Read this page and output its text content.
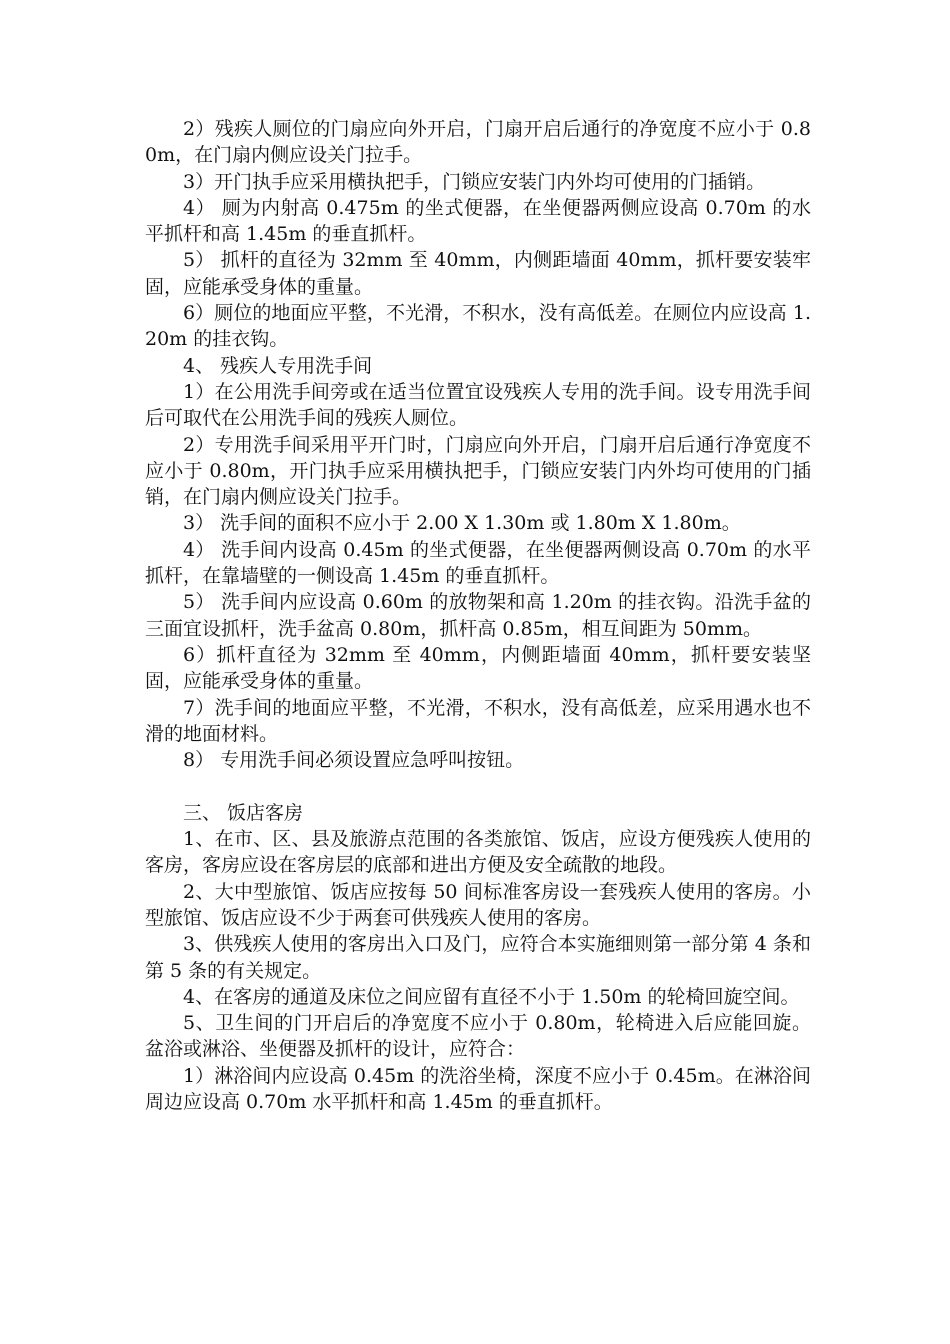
2）残疾人厕位的门扇应向外开启，门扇开启后通行的净宽度不应小于 0.80m，在门扇内侧应设关门拉手。

3）开门执手应采用横执把手，门锁应安装门内外均可使用的门插销。

4） 厕为内射高 0.475m 的坐式便器，在坐便器两侧应设高 0.70m 的水平抓杆和高 1.45m 的垂直抓杆。

5） 抓杆的直径为 32mm 至 40mm，内侧距墙面 40mm，抓杆要安装牢固，应能承受身体的重量。

6）厕位的地面应平整，不光滑，不积水，没有高低差。在厕位内应设高 1.20m 的挂衣钩。

4、 残疾人专用洗手间

1）在公用洗手间旁或在适当位置宜设残疾人专用的洗手间。设专用洗手间后可取代在公用洗手间的残疾人厕位。

2）专用洗手间采用平开门时，门扇应向外开启，门扇开启后通行净宽度不应小于 0.80m，开门执手应采用横执把手，门锁应安装门内外均可使用的门插销，在门扇内侧应设关门拉手。

3） 洗手间的面积不应小于 2.00 X 1.30m 或 1.80m X 1.80m。

4） 洗手间内设高 0.45m 的坐式便器，在坐便器两侧设高 0.70m 的水平抓杆，在靠墙壁的一侧设高 1.45m 的垂直抓杆。

5） 洗手间内应设高 0.60m 的放物架和高 1.20m 的挂衣钩。沿洗手盆的三面宜设抓杆，洗手盆高 0.80m，抓杆高 0.85m，相互间距为 50mm。

6）抓杆直径为 32mm 至 40mm，内侧距墙面 40mm，抓杆要安装坚固，应能承受身体的重量。

7）洗手间的地面应平整，不光滑，不积水，没有高低差，应采用遇水也不滑的地面材料。

8） 专用洗手间必须设置应急呼叫按钮。

三、 饭店客房

1、在市、区、县及旅游点范围的各类旅馆、饭店，应设方便残疾人使用的客房，客房应设在客房层的底部和进出方便及安全疏散的地段。

2、大中型旅馆、饭店应按每 50 间标准客房设一套残疾人使用的客房。小型旅馆、饭店应设不少于两套可供残疾人使用的客房。

3、供残疾人使用的客房出入口及门，应符合本实施细则第一部分第 4 条和第 5 条的有关规定。

4、在客房的通道及床位之间应留有直径不小于 1.50m 的轮椅回旋空间。

5、卫生间的门开启后的净宽度不应小于 0.80m，轮椅进入后应能回旋。盆浴或淋浴、坐便器及抓杆的设计，应符合：

1）淋浴间内应设高 0.45m 的洗浴坐椅，深度不应小于 0.45m。在淋浴间周边应设高 0.70m 水平抓杆和高 1.45m 的垂直抓杆。
